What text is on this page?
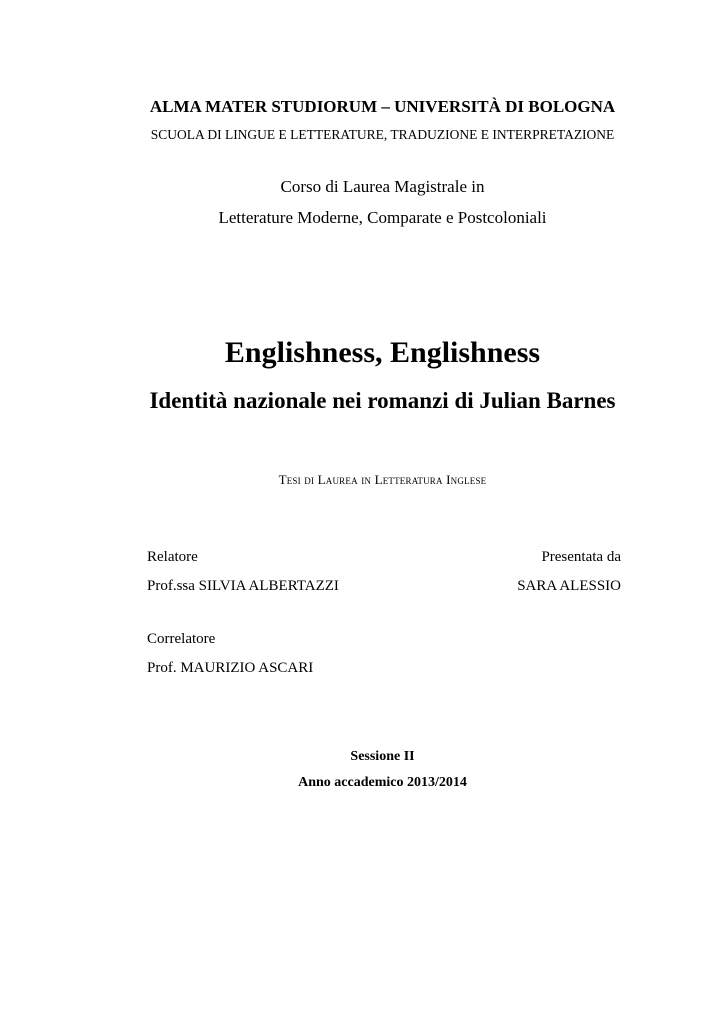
ALMA MATER STUDIORUM – UNIVERSITÀ DI BOLOGNA
SCUOLA DI LINGUE E LETTERATURE, TRADUZIONE E INTERPRETAZIONE
Corso di Laurea Magistrale in
Letterature Moderne, Comparate e Postcoloniali
Englishness, Englishness
Identità nazionale nei romanzi di Julian Barnes
Tesi di Laurea in Letteratura Inglese
Relatore
Prof.ssa SILVIA ALBERTAZZI
Presentata da
SARA ALESSIO
Correlatore
Prof. MAURIZIO ASCARI
Sessione II
Anno accademico 2013/2014
